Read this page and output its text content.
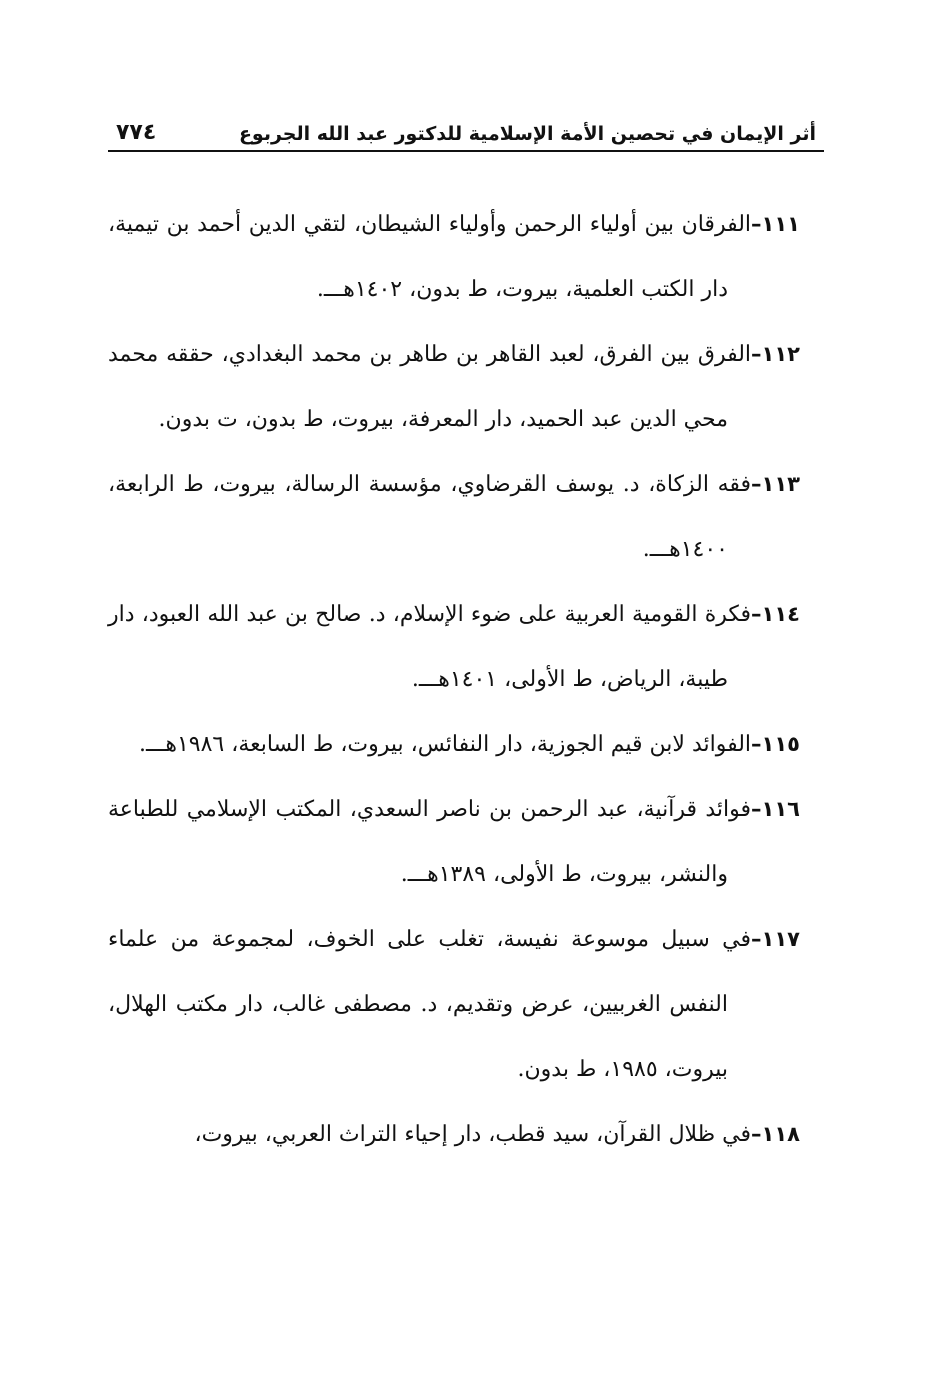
أثر الإيمان في تحصين الأمة الإسلامية للدكتور عبد الله الجربوع
٧٧٤

١١١–الفرقان بين أولياء الرحمن وأولياء الشيطان، لتقي الدين أحمد بن تيمية، دار الكتب العلمية، بيروت، ط بدون، ١٤٠٢هـــ.

١١٢–الفرق بين الفرق، لعبد القاهر بن طاهر بن محمد البغدادي، حققه محمد محي الدين عبد الحميد، دار المعرفة، بيروت، ط بدون، ت بدون.

١١٣–فقه الزكاة، د. يوسف القرضاوي، مؤسسة الرسالة، بيروت، ط الرابعة، ١٤٠٠هـــ.

١١٤–فكرة القومية العربية على ضوء الإسلام، د. صالح بن عبد الله العبود، دار طيبة، الرياض، ط الأولى، ١٤٠١هـــ.

١١٥–الفوائد لابن قيم الجوزية، دار النفائس، بيروت، ط السابعة، ١٩٨٦هـــ.

١١٦–فوائد قرآنية، عبد الرحمن بن ناصر السعدي، المكتب الإسلامي للطباعة والنشر، بيروت، ط الأولى، ١٣٨٩هـــ.

١١٧–في سبيل موسوعة نفيسة، تغلب على الخوف، لمجموعة من علماء النفس الغربيين، عرض وتقديم، د. مصطفى غالب، دار مكتب الهلال، بيروت، ١٩٨٥، ط بدون.

١١٨–في ظلال القرآن، سيد قطب، دار إحياء التراث العربي، بيروت،
